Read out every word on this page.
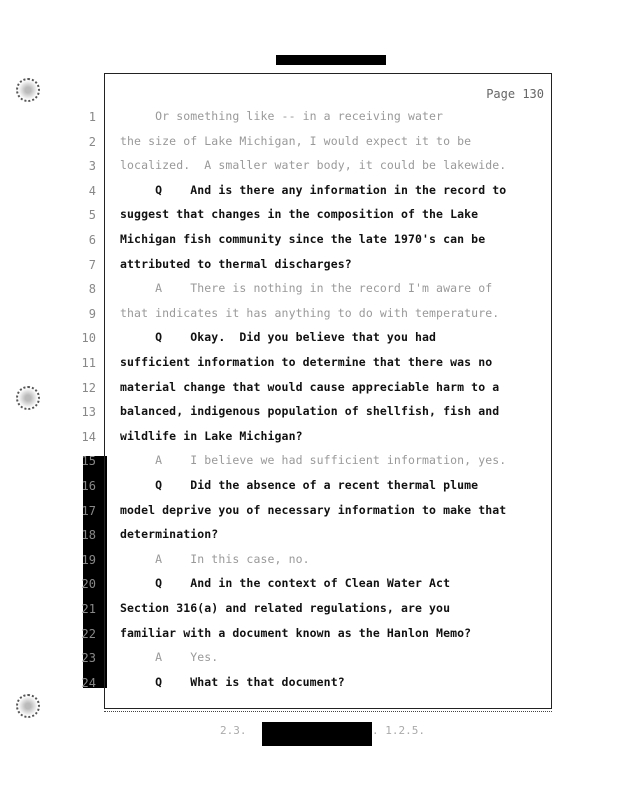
Page 130
1 Or something like -- in a receiving water
2 the size of Lake Michigan, I would expect it to be
3 localized.  A smaller water body, it could be lakewide.
4 Q    And is there any information in the record to
5 suggest that changes in the composition of the Lake
6 Michigan fish community since the late 1970's can be
7 attributed to thermal discharges?
8 A    There is nothing in the record I'm aware of
9 that indicates it has anything to do with temperature.
10 Q    Okay.  Did you believe that you had
11 sufficient information to determine that there was no
12 material change that would cause appreciable harm to a
13 balanced, indigenous population of shellfish, fish and
14 wildlife in Lake Michigan?
15 A    I believe we had sufficient information, yes.
16 Q    Did the absence of a recent thermal plume
17 model deprive you of necessary information to make that
18 determination?
19 A    In this case, no.
20 Q    And in the context of Clean Water Act
21 Section 316(a) and related regulations, are you
22 familiar with a document known as the Hanlon Memo?
23 A    Yes.
24 Q    What is that document?

2.3.

	. 1.2.5.
